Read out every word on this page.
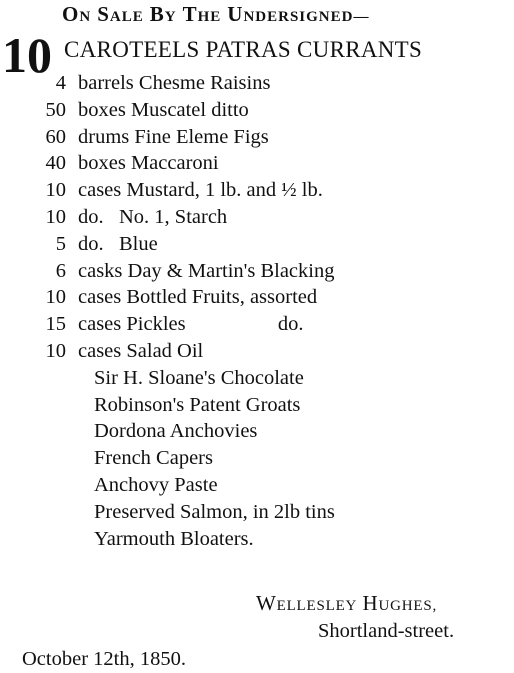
ON SALE BY THE UNDERSIGNED—
10 CAROTEELS PATRAS CURRANTS
4 barrels Chesme Raisins
50 boxes Muscatel ditto
60 drums Fine Eleme Figs
40 boxes Maccaroni
10 cases Mustard, 1 lb. and ½ lb.
10 do.   No. 1, Starch
5 do.   Blue
6 casks Day & Martin's Blacking
10 cases Bottled Fruits, assorted
15 cases Pickles                  do.
10 cases Salad Oil
Sir H. Sloane's Chocolate
Robinson's Patent Groats
Dordona Anchovies
French Capers
Anchovy Paste
Preserved Salmon, in 2lb tins
Yarmouth Bloaters.
WELLESLEY HUGHES,
Shortland-street.
October 12th, 1850.
